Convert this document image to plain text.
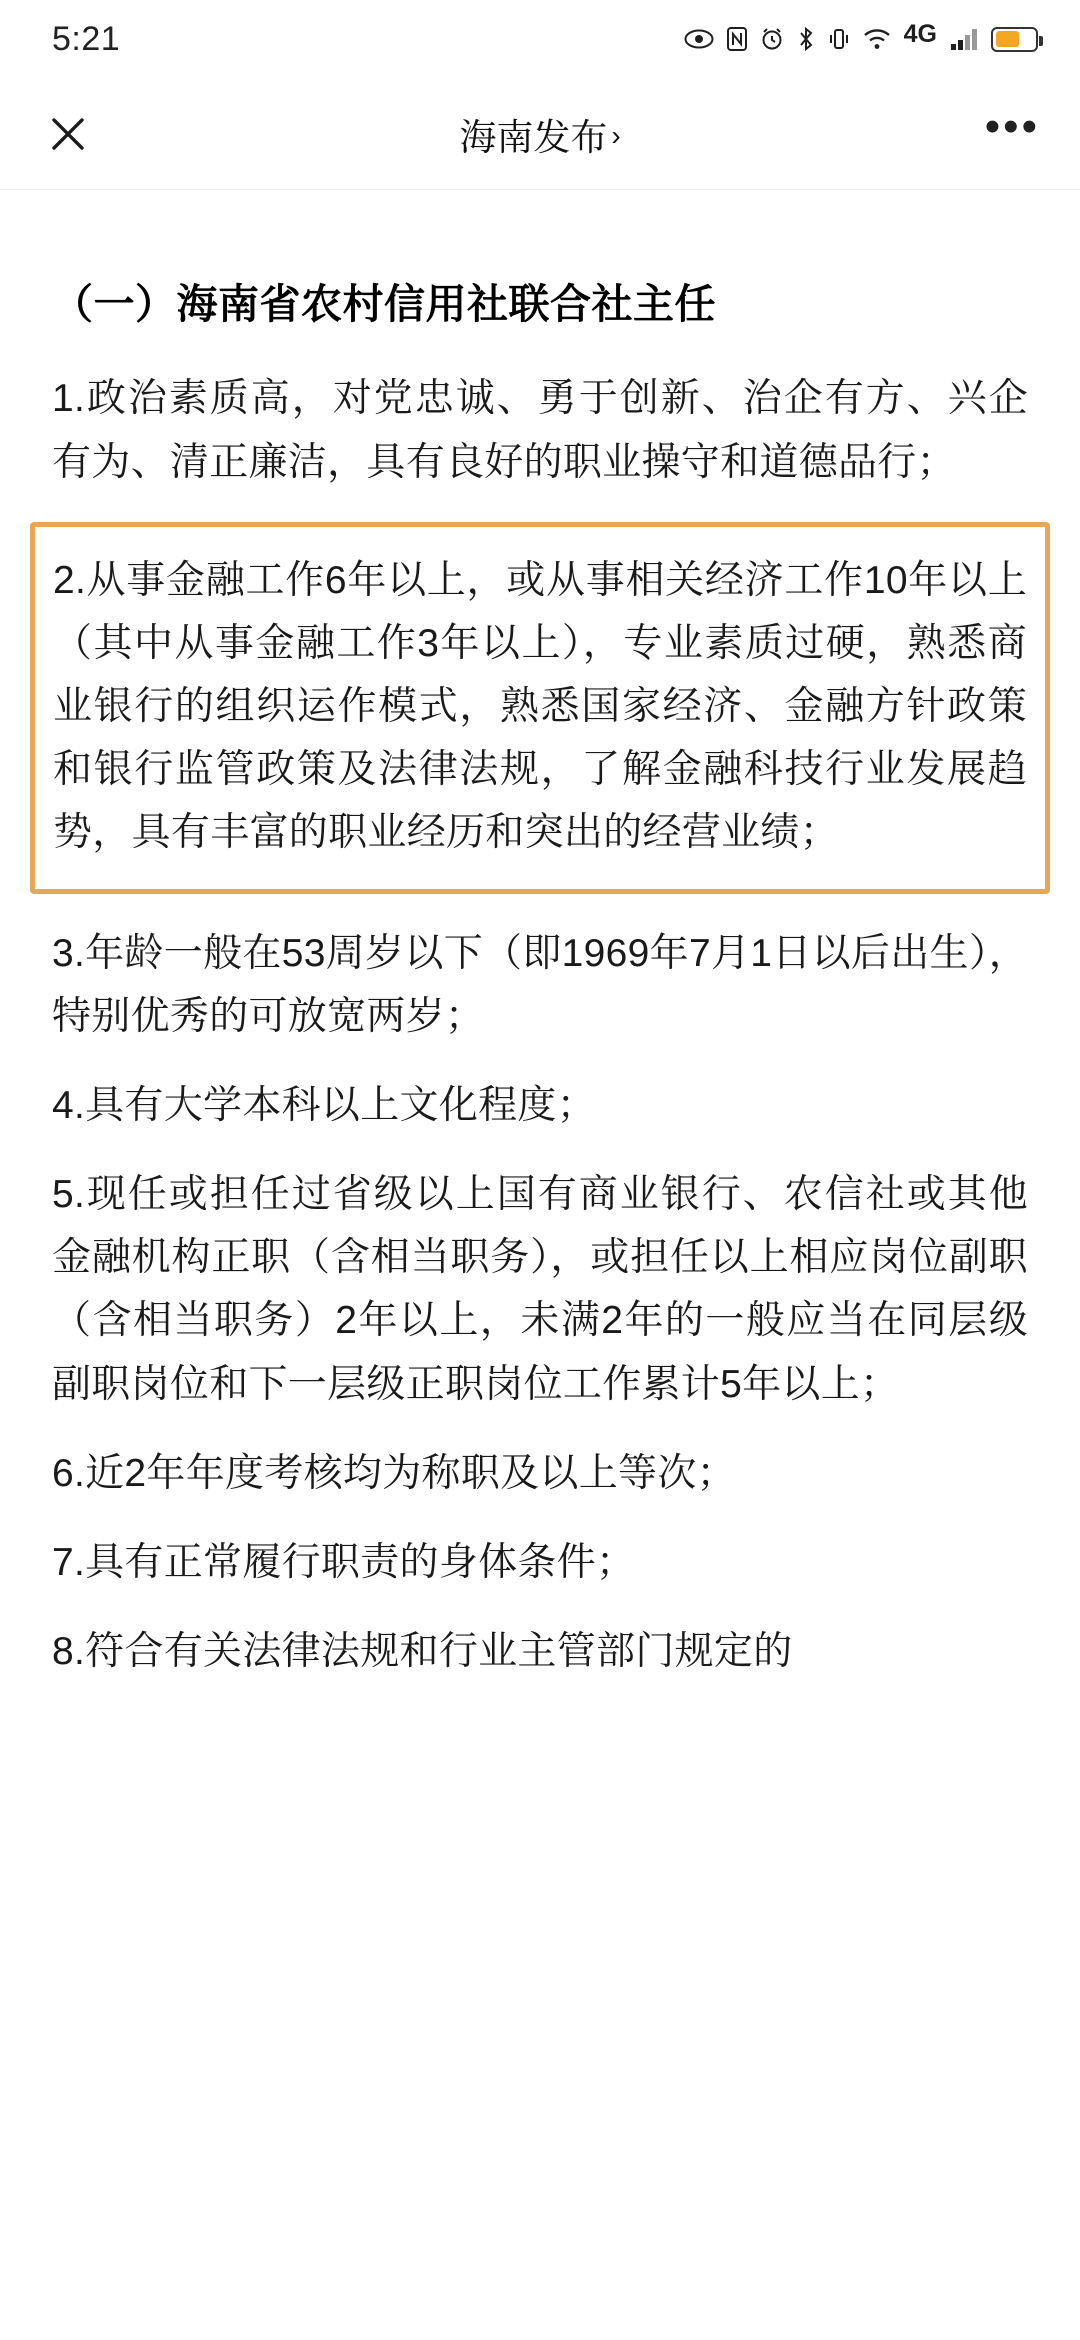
5:21	4G
海南发布 ›	•••
（一）海南省农村信用社联合社主任

1.政治素质高，对党忠诚、勇于创新、治企有方、兴企有为、清正廉洁，具有良好的职业操守和道德品行；

2.从事金融工作6年以上，或从事相关经济工作10年以上（其中从事金融工作3年以上），专业素质过硬，熟悉商业银行的组织运作模式，熟悉国家经济、金融方针政策和银行监管政策及法律法规，了解金融科技行业发展趋势，具有丰富的职业经历和突出的经营业绩；

3.年龄一般在53周岁以下（即1969年7月1日以后出生），特别优秀的可放宽两岁；

4.具有大学本科以上文化程度；

5.现任或担任过省级以上国有商业银行、农信社或其他金融机构正职（含相当职务），或担任以上相应岗位副职（含相当职务）2年以上，未满2年的一般应当在同层级副职岗位和下一层级正职岗位工作累计5年以上；

6.近2年年度考核均为称职及以上等次；

7.具有正常履行职责的身体条件；

8.符合有关法律法规和行业主管部门规定的
